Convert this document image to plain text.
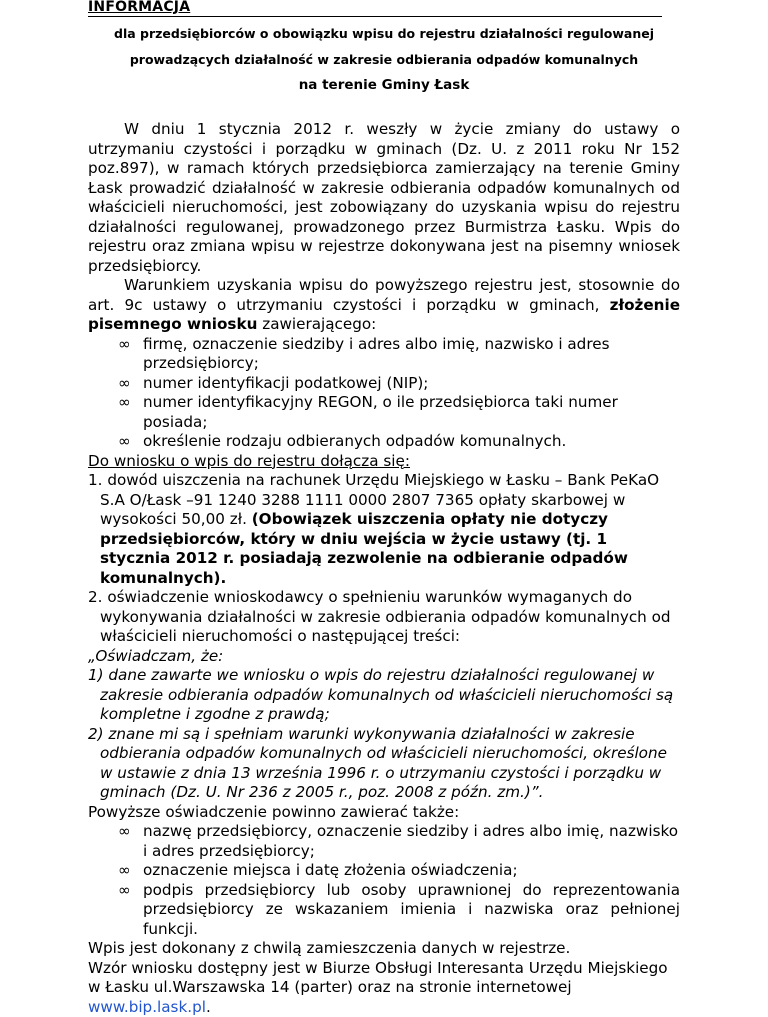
INFORMACJA
dla przedsiębiorców o obowiązku wpisu do rejestru działalności regulowanej
prowadzących działalność w zakresie odbierania odpadów komunalnych
na terenie Gminy Łask

W dniu 1 stycznia 2012 r. weszły w życie zmiany do ustawy o utrzymaniu czystości i porządku w gminach (Dz. U. z 2011 roku Nr 152 poz.897), w ramach których przedsiębiorca zamierzający na terenie Gminy Łask prowadzić działalność w zakresie odbierania odpadów komunalnych od właścicieli nieruchomości, jest zobowiązany do uzyskania wpisu do rejestru działalności regulowanej, prowadzonego przez Burmistrza Łasku. Wpis do rejestru oraz zmiana wpisu w rejestrze dokonywana jest na pisemny wniosek przedsiębiorcy.

Warunkiem uzyskania wpisu do powyższego rejestru jest, stosownie do art. 9c ustawy o utrzymaniu czystości i porządku w gminach, złożenie pisemnego wniosku zawierającego:

∞ firmę, oznaczenie siedziby i adres albo imię, nazwisko i adres przedsiębiorcy;
∞ numer identyfikacji podatkowej (NIP);
∞ numer identyfikacyjny REGON, o ile przedsiębiorca taki numer posiada;
∞ określenie rodzaju odbieranych odpadów komunalnych.

Do wniosku o wpis do rejestru dołącza się:

1. dowód uiszczenia na rachunek Urzędu Miejskiego w Łasku – Bank PeKaO S.A O/Łask –91 1240 3288 1111 0000 2807 7365 opłaty skarbowej w wysokości 50,00 zł. (Obowiązek uiszczenia opłaty nie dotyczy przedsiębiorców, który w dniu wejścia w życie ustawy (tj. 1 stycznia 2012 r. posiadają zezwolenie na odbieranie odpadów komunalnych).

2. oświadczenie wnioskodawcy o spełnieniu warunków wymaganych do wykonywania działalności w zakresie odbierania odpadów komunalnych od właścicieli nieruchomości o następującej treści:

„Oświadczam, że:

1) dane zawarte we wniosku o wpis do rejestru działalności regulowanej w zakresie odbierania odpadów komunalnych od właścicieli nieruchomości są kompletne i zgodne z prawdą;

2) znane mi są i spełniam warunki wykonywania działalności w zakresie odbierania odpadów komunalnych od właścicieli nieruchomości, określone w ustawie z dnia 13 września 1996 r. o utrzymaniu czystości i porządku w gminach (Dz. U. Nr 236 z 2005 r., poz. 2008 z późn. zm.)”.

Powyższe oświadczenie powinno zawierać także:

∞ nazwę przedsiębiorcy, oznaczenie siedziby i adres albo imię, nazwisko i adres przedsiębiorcy;
∞ oznaczenie miejsca i datę złożenia oświadczenia;
∞ podpis przedsiębiorcy lub osoby uprawnionej do reprezentowania przedsiębiorcy ze wskazaniem imienia i nazwiska oraz pełnionej funkcji.

Wpis jest dokonany z chwilą zamieszczenia danych w rejestrze.

Wzór wniosku dostępny jest w Biurze Obsługi Interesanta Urzędu Miejskiego w Łasku ul.Warszawska 14 (parter) oraz na stronie internetowej www.bip.lask.pl.
